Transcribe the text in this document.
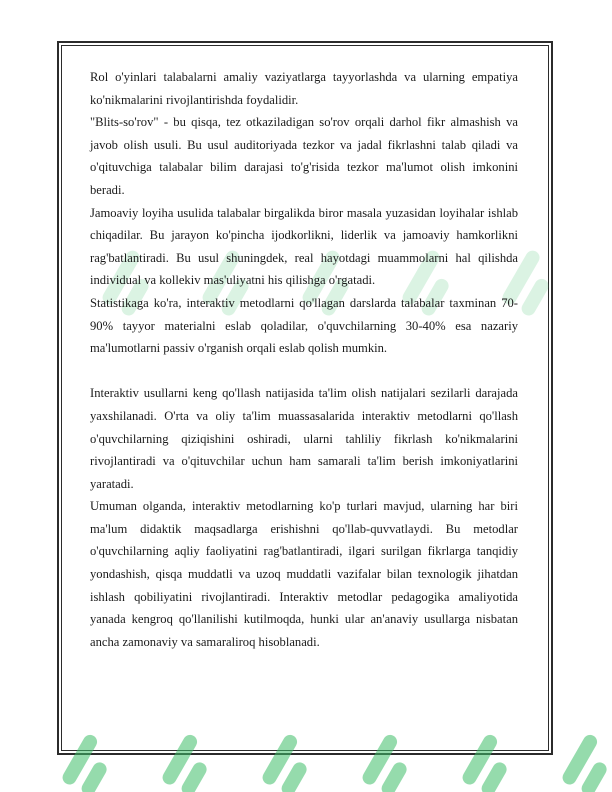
Rol o'yinlari talabalarni amaliy vaziyatlarga tayyorlashda va ularning empatiya ko'nikmalarini rivojlantirishda foydalidir.

"Blits-so'rov" - bu qisqa, tez otkaziladigan so'rov orqali darhol fikr almashish va javob olish usuli. Bu usul auditoriyada tezkor va jadal fikrlashni talab qiladi va o'qituvchiga talabalar bilim darajasi to'g'risida tezkor ma'lumot olish imkonini beradi.

Jamoaviy loyiha usulida talabalar birgalikda biror masala yuzasidan loyihalar ishlab chiqadilar. Bu jarayon ko'pincha ijodkorlikni, liderlik va jamoaviy hamkorlikni rag'batlantiradi. Bu usul shuningdek, real hayotdagi muammolarni hal qilishda individual va kollekiv mas'uliyatni his qilishga o'rgatadi.

Statistikaga ko'ra, interaktiv metodlarni qo'llagan darslarda talabalar taxminan 70-90% tayyor materialni eslab qoladilar, o'quvchilarning 30-40% esa nazariy ma'lumotlarni passiv o'rganish orqali eslab qolish mumkin.

Interaktiv usullarni keng qo'llash natijasida ta'lim olish natijalari sezilarli darajada yaxshilanadi. O'rta va oliy ta'lim muassasalarida interaktiv metodlarni qo'llash o'quvchilarning qiziqishini oshiradi, ularni tahliliy fikrlash ko'nikmalarini rivojlantiradi va o'qituvchilar uchun ham samarali ta'lim berish imkoniyatlarini yaratadi.

Umuman olganda, interaktiv metodlarning ko'p turlari mavjud, ularning har biri ma'lum didaktik maqsadlarga erishishni qo'llab-quvvatlaydi. Bu metodlar o'quvchilarning aqliy faoliyatini rag'batlantiradi, ilgari surilgan fikrlarga tanqidiy yondashish, qisqa muddatli va uzoq muddatli vazifalar bilan texnologik jihatdan ishlash qobiliyatini rivojlantiradi. Interaktiv metodlar pedagogika amaliyotida yanada kengroq qo'llanilishi kutilmoqda, hunki ular an'anaviy usullarga nisbatan ancha zamonaviy va samaraliroq hisoblanadi.
